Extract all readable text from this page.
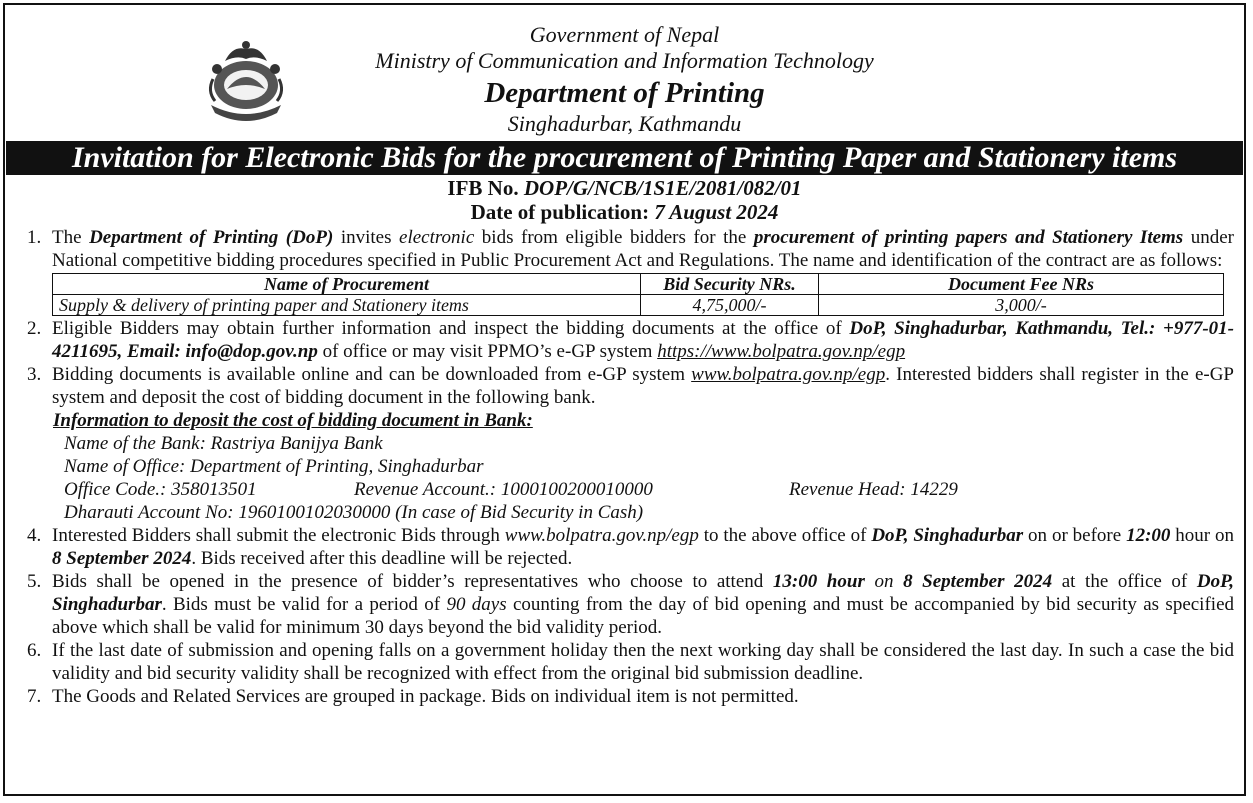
Government of Nepal
Ministry of Communication and Information Technology
Department of Printing
Singhadurbar, Kathmandu
Invitation for Electronic Bids for the procurement of Printing Paper and Stationery items
IFB No. DOP/G/NCB/1S1E/2081/082/01
Date of publication: 7 August 2024
1. The Department of Printing (DoP) invites electronic bids from eligible bidders for the procurement of printing papers and Stationery Items under National competitive bidding procedures specified in Public Procurement Act and Regulations. The name and identification of the contract are as follows:
Name of Procurement	Bid Security NRs.	Document Fee NRs
Supply & delivery of printing paper and Stationery items	4,75,000/-	3,000/-
2. Eligible Bidders may obtain further information and inspect the bidding documents at the office of DoP, Singhadurbar, Kathmandu, Tel.: +977-01- 4211695, Email: info@dop.gov.np of office or may visit PPMO’s e-GP system https://www.bolpatra.gov.np/egp
3. Bidding documents is available online and can be downloaded from e-GP system www.bolpatra.gov.np/egp. Interested bidders shall register in the e-GP system and deposit the cost of bidding document in the following bank.
Information to deposit the cost of bidding document in Bank:
Name of the Bank: Rastriya Banijya Bank
Name of Office: Department of Printing, Singhadurbar
Office Code.: 358013501	Revenue Account.: 1000100200010000	Revenue Head: 14229
Dharauti Account No: 1960100102030000 (In case of Bid Security in Cash)
4. Interested Bidders shall submit the electronic Bids through www.bolpatra.gov.np/egp to the above office of DoP, Singhadurbar on or before 12:00 hour on 8 September 2024. Bids received after this deadline will be rejected.
5. Bids shall be opened in the presence of bidder’s representatives who choose to attend 13:00 hour on 8 September 2024 at the office of DoP, Singhadurbar. Bids must be valid for a period of 90 days counting from the day of bid opening and must be accompanied by bid security as specified above which shall be valid for minimum 30 days beyond the bid validity period.
6. If the last date of submission and opening falls on a government holiday then the next working day shall be considered the last day. In such a case the bid validity and bid security validity shall be recognized with effect from the original bid submission deadline.
7. The Goods and Related Services are grouped in package. Bids on individual item is not permitted.
